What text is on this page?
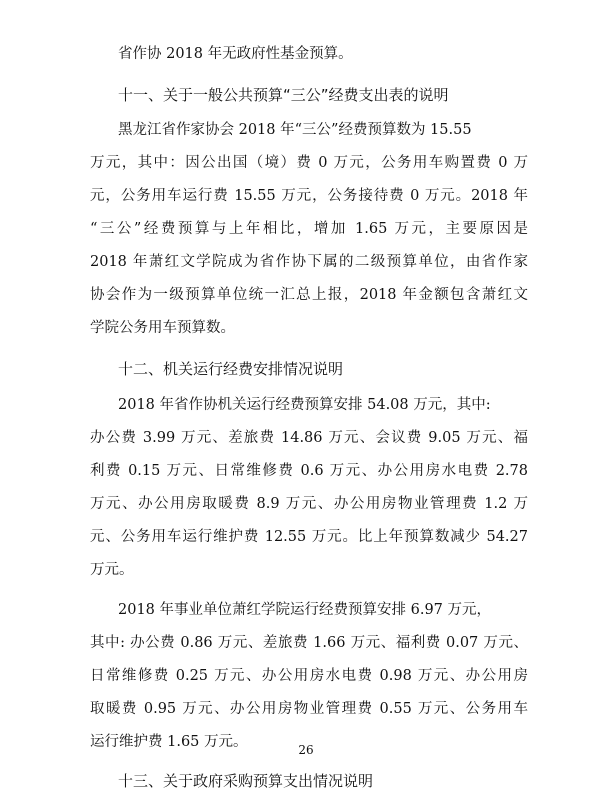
省作协 2018 年无政府性基金预算。
十一、关于一般公共预算“三公”经费支出表的说明
黑龙江省作家协会 2018 年“三公”经费预算数为 15.55
万元，其中：因公出国（境）费 0 万元，公务用车购置费 0 万
元，公务用车运行费 15.55 万元，公务接待费 0 万元。2018 年
“三公”经费预算与上年相比，增加 1.65 万元，主要原因是
2018 年萧红文学院成为省作协下属的二级预算单位，由省作家
协会作为一级预算单位统一汇总上报，2018 年金额包含萧红文
学院公务用车预算数。
十二、机关运行经费安排情况说明
2018 年省作协机关运行经费预算安排 54.08 万元，其中:
办公费 3.99 万元、差旅费 14.86 万元、会议费 9.05 万元、福
利费 0.15 万元、日常维修费 0.6 万元、办公用房水电费 2.78
万元、办公用房取暖费 8.9 万元、办公用房物业管理费 1.2 万
元、公务用车运行维护费 12.55 万元。比上年预算数减少 54.27
万元。
2018 年事业单位萧红学院运行经费预算安排 6.97 万元，
其中: 办公费 0.86 万元、差旅费 1.66 万元、福利费 0.07 万元、
日常维修费 0.25 万元、办公用房水电费 0.98 万元、办公用房
取暖费 0.95 万元、办公用房物业管理费 0.55 万元、公务用车
运行维护费 1.65 万元。
十三、关于政府采购预算支出情况说明
26
